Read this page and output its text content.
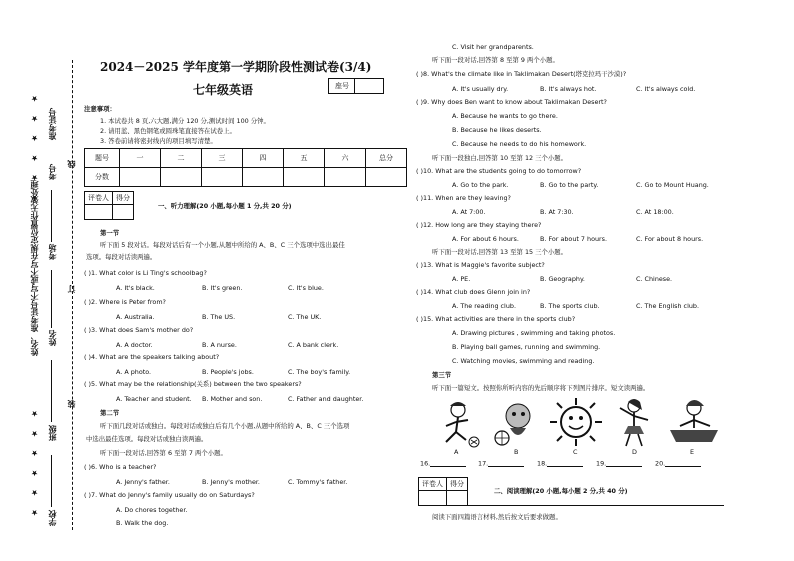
★ ★ ★ ★ ★ ★
★ ★ ★ ★ ★ ★
姓名、准考证号不写或不写在规定位置作无效处理
学校
班级
姓名
考场
考号
准考证号
装
订
线
2024－2025 学年度第一学期阶段性测试卷(3/4)
七年级英语	座号
注意事项：
1. 本试卷共 8 页,六大题,满分 120 分,测试时间 100 分钟。
2. 请用蓝、黑色钢笔或圆珠笔直接答在试卷上。
3. 答卷前请将密封线内的项目填写清楚。
题号	一	二	三	四	五	六	总分
分数							
评卷人	得分

一、听力理解(20 小题,每小题 1 分,共 20 分)
第一节
听下面 5 段对话。每段对话后有一个小题,从题中所给的 A、B、C 三个选项中选出最佳
选项。每段对话读两遍。
( )1. What color is Li Ting's schoolbag?
A. It's black.	B. It's green.	C. It's blue.
( )2. Where is Peter from?
A. Australia.	B. The US.	C. The UK.
( )3. What does Sam's mother do?
A. A doctor.	B. A nurse.	C. A bank clerk.
( )4. What are the speakers talking about?
A. A photo.	B. People's jobs.	C. The boy's family.
( )5. What may be the relationship(关系) between the two speakers?
A. Teacher and student. B. Mother and son.	C. Father and daughter.
第二节
听下面几段对话或独白。每段对话或独白后有几个小题,从题中所给的 A、B、C 三个选项
中选出最佳选项。每段对话或独白读两遍。
听下面一段对话,回答第 6 至第 7 两个小题。
( )6. Who is a teacher?
A. Jenny's father.	B. Jenny's mother.	C. Tommy's father.
( )7. What do Jenny's family usually do on Saturdays?
A. Do chores together.
B. Walk the dog.
C. Visit her grandparents.
听下面一段对话,回答第 8 至第 9 两个小题。
( )8. What's the climate like in Taklimakan Desert(塔克拉玛干沙漠)?
A. It's usually dry.	B. It's always hot.	C. It's always cold.
( )9. Why does Ben want to know about Taklimakan Desert?
A. Because he wants to go there.
B. Because he likes deserts.
C. Because he needs to do his homework.
听下面一段独白,回答第 10 至第 12 三个小题。
( )10. What are the students going to do tomorrow?
A. Go to the park.	B. Go to the party.	C. Go to Mount Huang.
( )11. When are they leaving?
A. At 7:00.	B. At 7:30.	C. At 18:00.
( )12. How long are they staying there?
A. For about 6 hours.	B. For about 7 hours.	C. For about 8 hours.
听下面一段对话,回答第 13 至第 15 三个小题。
( )13. What is Maggie's favorite subject?
A. PE.	B. Geography.	C. Chinese.
( )14. What club does Glenn join in?
A. The reading club.	B. The sports club.	C. The English club.
( )15. What activities are there in the sports club?
A. Drawing pictures , swimming and taking photos.
B. Playing ball games, running and swimming.
C. Watching movies, swimming and reading.
第三节
听下面一篇短文。按照你所听内容的先后顺序将下列图片排序。短文读两遍。
A	B	C	D	E
16.	17.	18.	19.	20.
评卷人	得分

二、阅读理解(20 小题,每小题 2 分,共 40 分)
阅读下面四篇语言材料,然后按文后要求做题。
